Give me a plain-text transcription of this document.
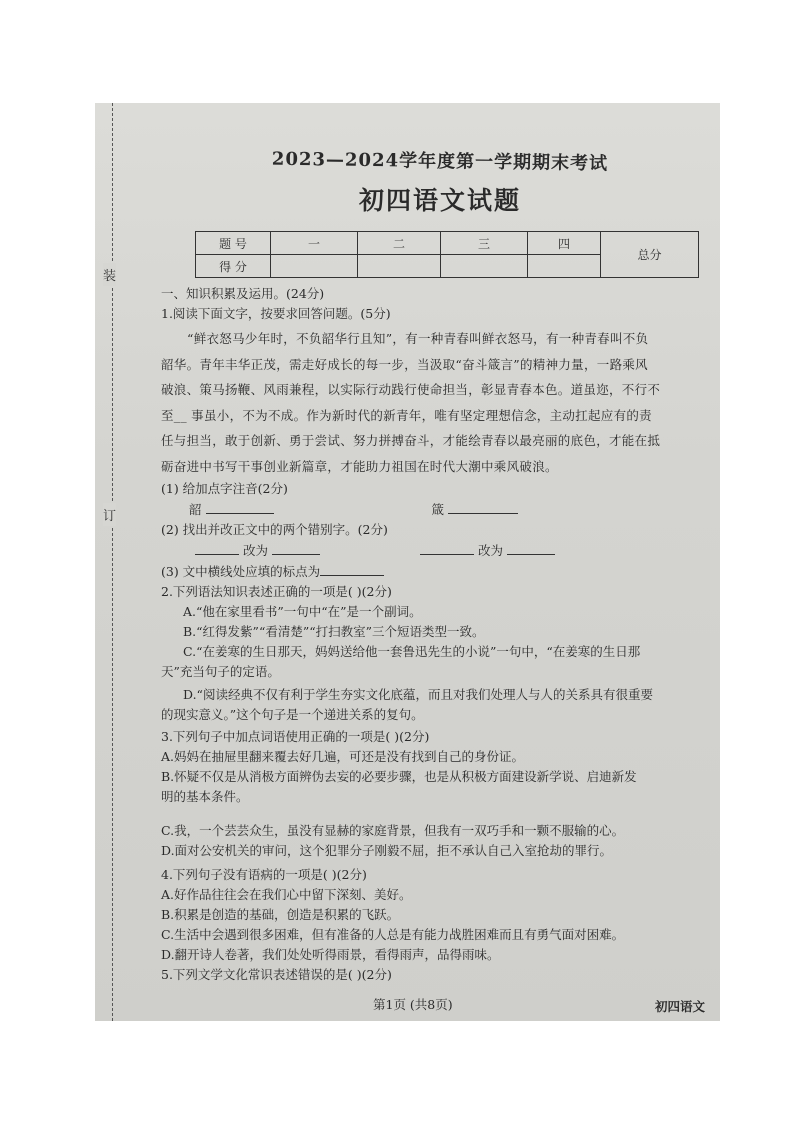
装
订
2023—2024学年度第一学期期末考试
初四语文试题
题 号	一	二	三	四	总分
得 分					

一、知识积累及运用。(24分)

1.阅读下面文字，按要求回答问题。(5分)

“鲜衣怒马少年时，不负韶华行且知”，有一种青春叫鲜衣怒马，有一种青春叫不负

韶华。青年丰华正茂，需走好成长的每一步，当汲取“奋斗箴言”的精神力量，一路乘风

破浪、策马扬鞭、风雨兼程，以实际行动践行使命担当，彰显青春本色。道虽迩，不行不

至__ 事虽小，不为不成。作为新时代的新青年，唯有坚定理想信念，主动扛起应有的责

任与担当，敢于创新、勇于尝试、努力拼搏奋斗，才能绘青春以最亮丽的底色，才能在抵

砺奋进中书写干事创业新篇章，才能助力祖国在时代大潮中乘风破浪。

(1) 给加点字注音(2分)

韶	箴

(2) 找出并改正文中的两个错别字。(2分)

改为	改为

(3) 文中横线处应填的标点为

2.下列语法知识表述正确的一项是( )(2分)

A.“他在家里看书”一句中“在”是一个副词。

B.“红得发紫”“看清楚”“打扫教室”三个短语类型一致。

C.“在姜寒的生日那天，妈妈送给他一套鲁迅先生的小说”一句中，“在姜寒的生日那

天”充当句子的定语。

D.“阅读经典不仅有利于学生夯实文化底蕴，而且对我们处理人与人的关系具有很重要

的现实意义。”这个句子是一个递进关系的复句。

3.下列句子中加点词语使用正确的一项是( )(2分)

A.妈妈在抽屉里翻来覆去好几遍，可还是没有找到自己的身份证。

B.怀疑不仅是从消极方面辨伪去妄的必要步骤，也是从积极方面建设新学说、启迪新发

明的基本条件。

C.我，一个芸芸众生，虽没有显赫的家庭背景，但我有一双巧手和一颗不服输的心。

D.面对公安机关的审问，这个犯罪分子刚毅不屈，拒不承认自己入室抢劫的罪行。

4.下列句子没有语病的一项是( )(2分)

A.好作品往往会在我们心中留下深刻、美好。

B.积累是创造的基础，创造是积累的飞跃。

C.生活中会遇到很多困难，但有准备的人总是有能力战胜困难而且有勇气面对困难。

D.翻开诗人卷著，我们处处听得雨景，看得雨声，品得雨味。

5.下列文学文化常识表述错误的是( )(2分)

第1页 (共8页)	初四语文
